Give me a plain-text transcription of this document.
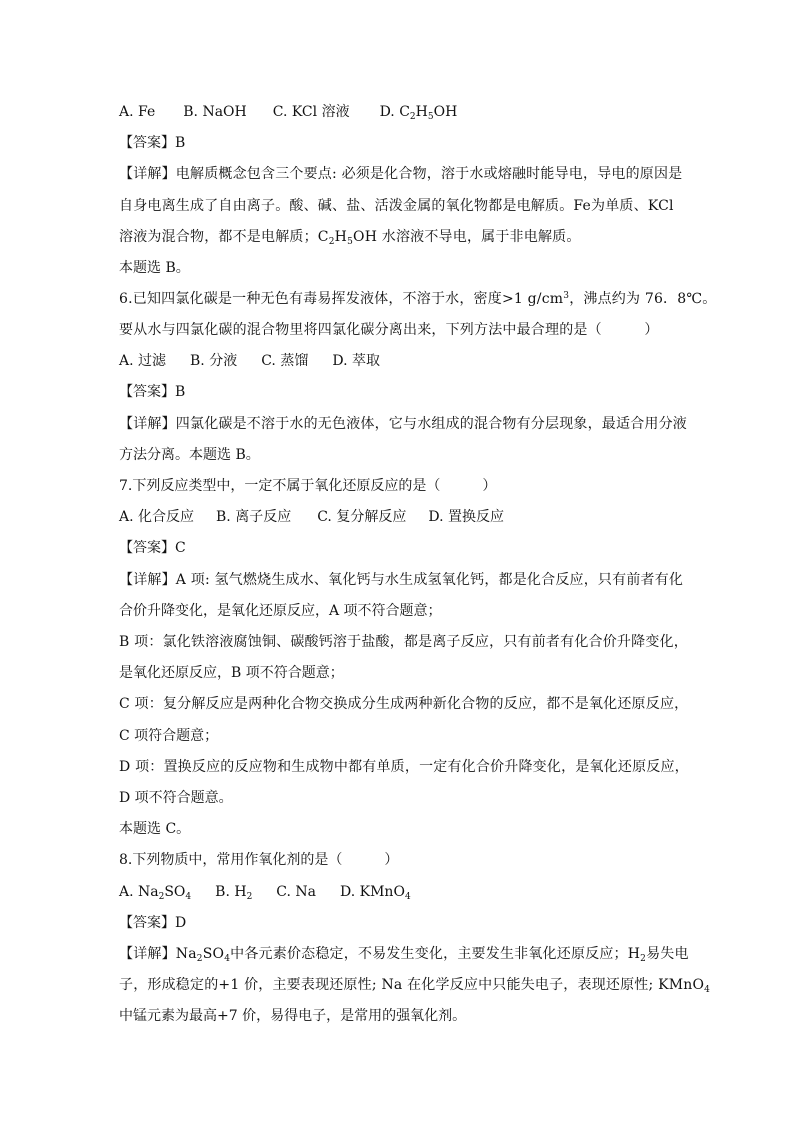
A. Fe B. NaOH C. KCl 溶液 D. $C_2H_5OH$
【答案】B
【详解】电解质概念包含三个要点: 必须是化合物，溶于水或熔融时能导电，导电的原因是
自身电离生成了自由离子。酸、碱、盐、活泼金属的氧化物都是电解质。Fe为单质、KCl
溶液为混合物，都不是电解质；$C_2H_5OH$ 水溶液不导电，属于非电解质。
本题选 B。
6.已知四氯化碳是一种无色有毒易挥发液体，不溶于水，密度>1 $g/cm^3$，沸点约为 76．8℃。
要从水与四氯化碳的混合物里将四氯化碳分离出来，下列方法中最合理的是（　　　）
A. 过滤 B. 分液 C. 蒸馏 D. 萃取
【答案】B
【详解】四氯化碳是不溶于水的无色液体，它与水组成的混合物有分层现象，最适合用分液
方法分离。本题选 B。
7.下列反应类型中，一定不属于氧化还原反应的是（　　　）
A. 化合反应 B. 离子反应 C. 复分解反应 D. 置换反应
【答案】C
【详解】A 项: 氢气燃烧生成水、氧化钙与水生成氢氧化钙，都是化合反应，只有前者有化
合价升降变化，是氧化还原反应，A 项不符合题意；
B 项：氯化铁溶液腐蚀铜、碳酸钙溶于盐酸，都是离子反应，只有前者有化合价升降变化，
是氧化还原反应，B 项不符合题意；
C 项：复分解反应是两种化合物交换成分生成两种新化合物的反应，都不是氧化还原反应，
C 项符合题意；
D 项：置换反应的反应物和生成物中都有单质，一定有化合价升降变化，是氧化还原反应，
D 项不符合题意。
本题选 C。
8.下列物质中，常用作氧化剂的是（　　　）
A. $Na_2SO_4$ B. $H_2$ C. Na D. KMnO$_4$
【答案】D
【详解】$Na_2SO_4$中各元素价态稳定，不易发生变化，主要发生非氧化还原反应；$H_2$易失电
子，形成稳定的+1 价，主要表现还原性; Na 在化学反应中只能失电子，表现还原性; KMnO$_4$
中锰元素为最高+7 价，易得电子，是常用的强氧化剂。
